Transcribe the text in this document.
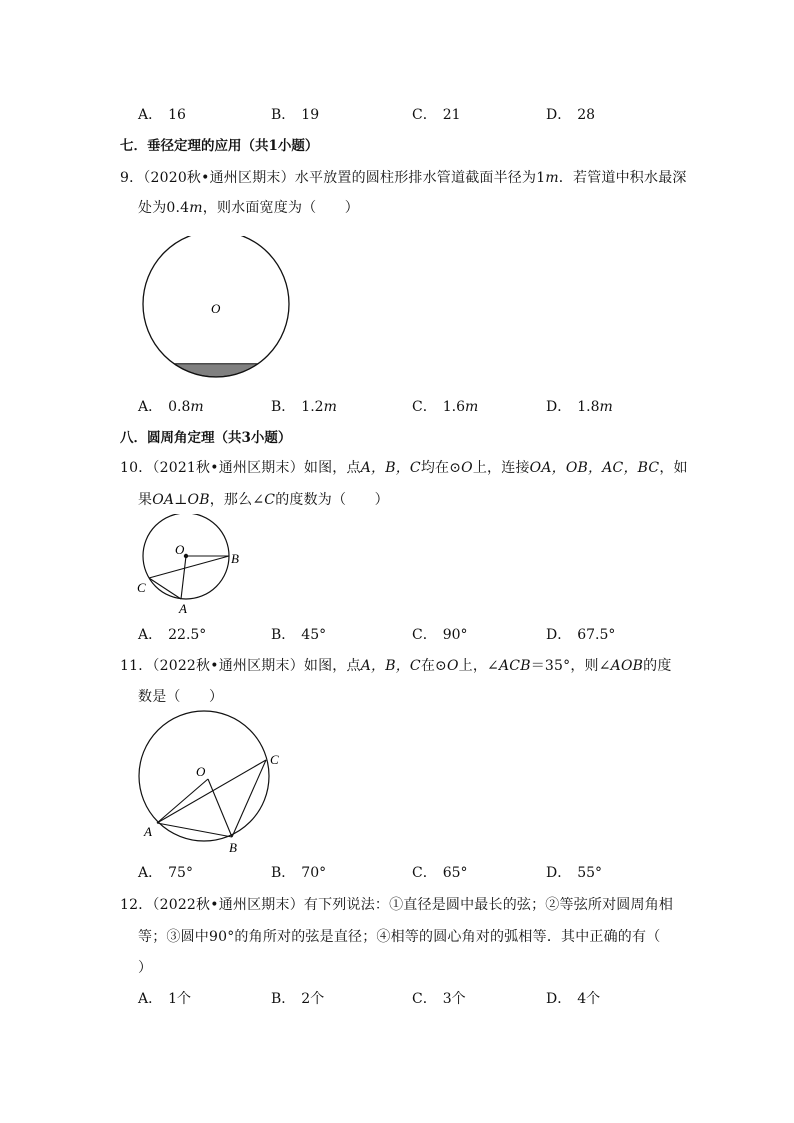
A． 16	B． 19	C． 21	D． 28
七．垂径定理的应用（共1小题）
9．（2020秋•通州区期末）水平放置的圆柱形排水管道截面半径为1m．若管道中积水最深
处为0.4m，则水面宽度为（　　）
O
A． 0.8m	B． 1.2m	C． 1.6m	D． 1.8m
八．圆周角定理（共3小题）
10．（2021秋•通州区期末）如图，点A，B，C均在⊙O上，连接OA，OB，AC，BC，如
果OA⊥OB，那么∠C的度数为（　　）
O
B
C
A
A． 22.5°	B． 45°	C． 90°	D． 67.5°
11．（2022秋•通州区期末）如图，点A，B，C在⊙O上，∠ACB＝35°，则∠AOB的度
数是（　　）
O
C
A
B
A． 75°	B． 70°	C． 65°	D． 55°
12．（2022秋•通州区期末）有下列说法：①直径是圆中最长的弦；②等弦所对圆周角相
等；③圆中90°的角所对的弦是直径；④相等的圆心角对的弧相等．其中正确的有（
）
A． 1个	B． 2个	C． 3个	D． 4个
